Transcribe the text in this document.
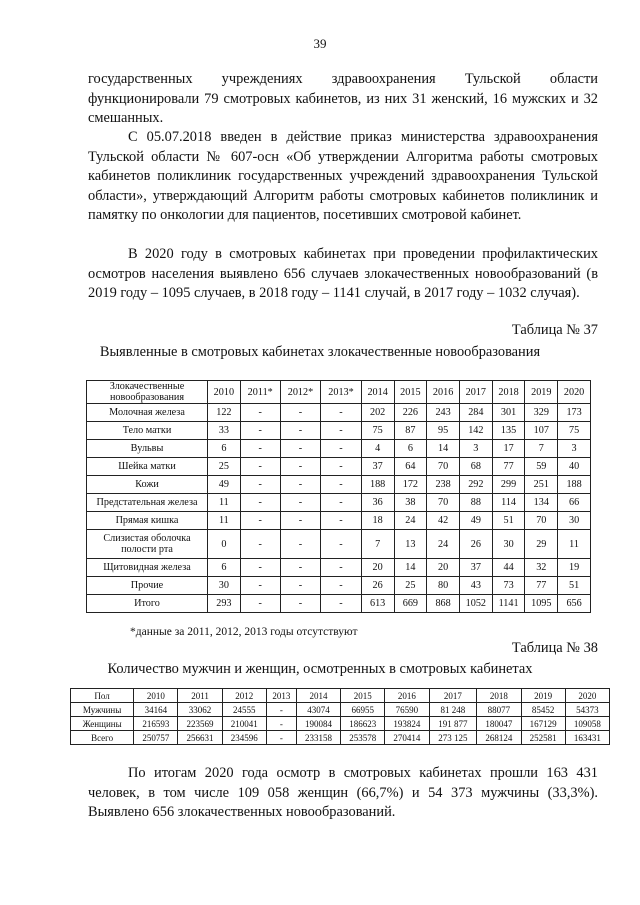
39
государственных учреждениях здравоохранения Тульской области функционировали 79 смотровых кабинетов, из них 31 женский, 16 мужских и 32 смешанных.
С 05.07.2018 введен в действие приказ министерства здравоохранения Тульской области № 607-осн «Об утверждении Алгоритма работы смотровых кабинетов поликлиник государственных учреждений здравоохранения Тульской области», утверждающий Алгоритм работы смотровых кабинетов поликлиник и памятку по онкологии для пациентов, посетивших смотровой кабинет.
В 2020 году в смотровых кабинетах при проведении профилактических осмотров населения выявлено 656 случаев злокачественных новообразований (в 2019 году – 1095 случаев, в 2018 году – 1141 случай, в 2017 году – 1032 случая).
Таблица № 37
Выявленные в смотровых кабинетах злокачественные новообразования
Злокачественные новообразования	2010	2011*	2012*	2013*	2014	2015	2016	2017	2018	2019	2020
Молочная железа	122	-	-	-	202	226	243	284	301	329	173
Тело матки	33	-	-	-	75	87	95	142	135	107	75
Вульвы	6	-	-	-	4	6	14	3	17	7	3
Шейка матки	25	-	-	-	37	64	70	68	77	59	40
Кожи	49	-	-	-	188	172	238	292	299	251	188
Предстательная железа	11	-	-	-	36	38	70	88	114	134	66
Прямая кишка	11	-	-	-	18	24	42	49	51	70	30
Слизистая оболочка полости рта	0	-	-	-	7	13	24	26	30	29	11
Щитовидная железа	6	-	-	-	20	14	20	37	44	32	19
Прочие	30	-	-	-	26	25	80	43	73	77	51
Итого	293	-	-	-	613	669	868	1052	1141	1095	656
*данные за 2011, 2012, 2013 годы отсутствуют
Таблица № 38
Количество мужчин и женщин, осмотренных в смотровых кабинетах
Пол	2010	2011	2012	2013	2014	2015	2016	2017	2018	2019	2020
Мужчины	34164	33062	24555	-	43074	66955	76590	81 248	88077	85452	54373
Женщины	216593	223569	210041	-	190084	186623	193824	191 877	180047	167129	109058
Всего	250757	256631	234596	-	233158	253578	270414	273 125	268124	252581	163431
По итогам 2020 года осмотр в смотровых кабинетах прошли 163 431 человек, в том числе 109 058 женщин (66,7%) и 54 373 мужчины (33,3%). Выявлено 656 злокачественных новообразований.
